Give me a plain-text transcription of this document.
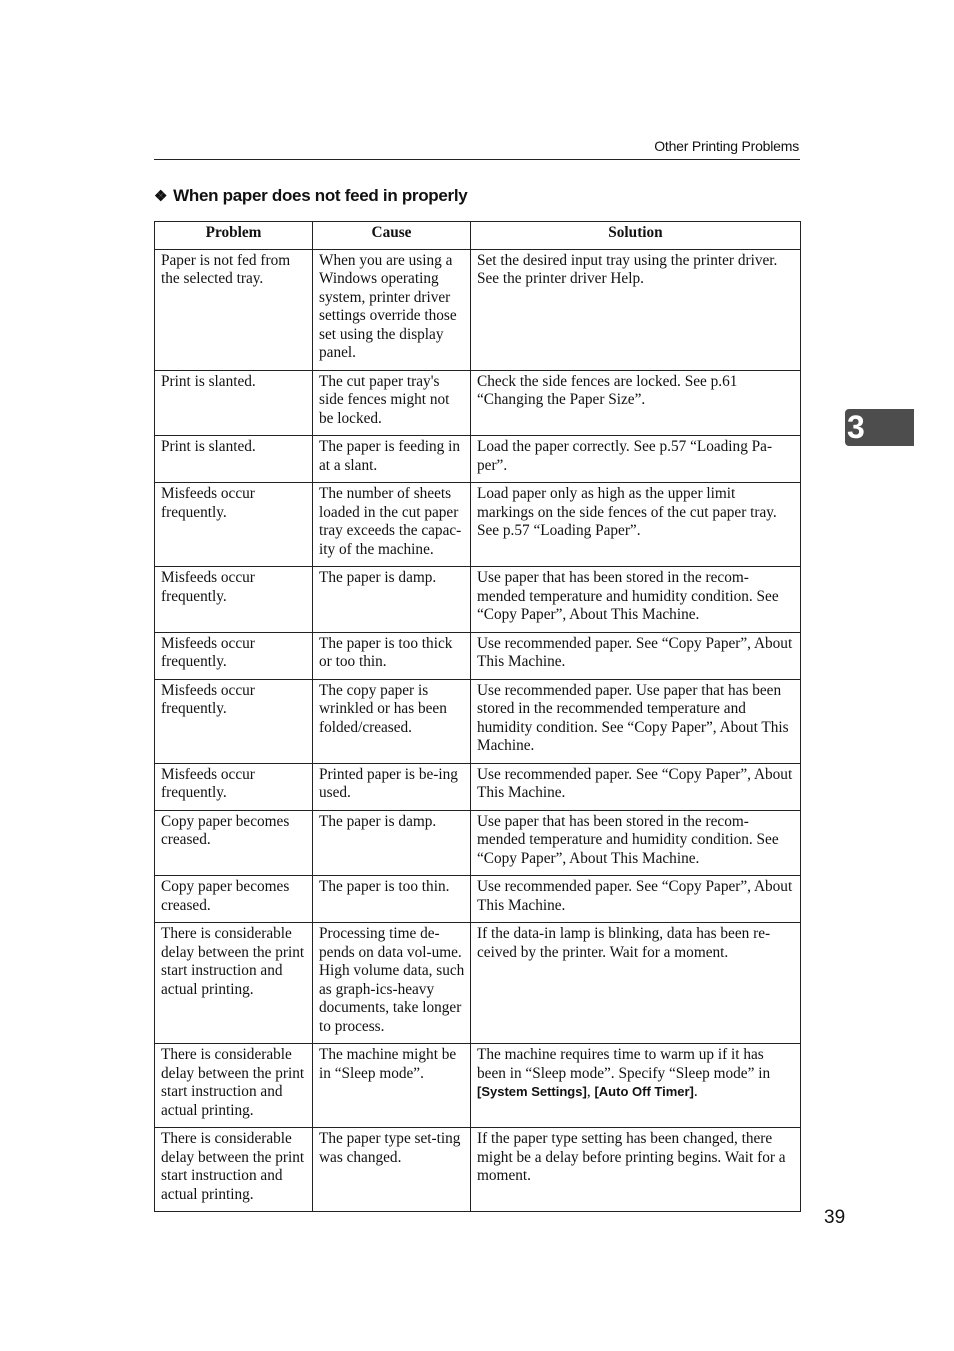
Other Printing Problems
❖ When paper does not feed in properly
3
Problem	Cause	Solution
Paper is not fed from the selected tray.	When you are using a Windows operating system, printer driver settings override those set using the display panel.	Set the desired input tray using the printer driver. See the printer driver Help.
Print is slanted.	The cut paper tray's side fences might not be locked.	Check the side fences are locked. See p.61 “Changing the Paper Size”.
Print is slanted.	The paper is feeding in at a slant.	Load the paper correctly. See p.57 “Loading Pa-per”.
Misfeeds occur frequently.	The number of sheets loaded in the cut paper tray exceeds the capac-ity of the machine.	Load paper only as high as the upper limit markings on the side fences of the cut paper tray. See p.57 “Loading Paper”.
Misfeeds occur frequently.	The paper is damp.	Use paper that has been stored in the recom-mended temperature and humidity condition. See “Copy Paper”, About This Machine.
Misfeeds occur frequently.	The paper is too thick or too thin.	Use recommended paper. See “Copy Paper”, About This Machine.
Misfeeds occur frequently.	The copy paper is wrinkled or has been folded/creased.	Use recommended paper. Use paper that has been stored in the recommended temperature and humidity condition. See “Copy Paper”, About This Machine.
Misfeeds occur frequently.	Printed paper is be-ing used.	Use recommended paper. See “Copy Paper”, About This Machine.
Copy paper becomes creased.	The paper is damp.	Use paper that has been stored in the recom-mended temperature and humidity condition. See “Copy Paper”, About This Machine.
Copy paper becomes creased.	The paper is too thin.	Use recommended paper. See “Copy Paper”, About This Machine.
There is considerable delay between the print start instruction and actual printing.	Processing time de-pends on data vol-ume. High volume data, such as graph-ics-heavy documents, take longer to process.	If the data-in lamp is blinking, data has been re-ceived by the printer. Wait for a moment.
There is considerable delay between the print start instruction and actual printing.	The machine might be in “Sleep mode”.	The machine requires time to warm up if it has been in “Sleep mode”. Specify “Sleep mode” in [System Settings], [Auto Off Timer].
There is considerable delay between the print start instruction and actual printing.	The paper type set-ting was changed.	If the paper type setting has been changed, there might be a delay before printing begins. Wait for a moment.
39
